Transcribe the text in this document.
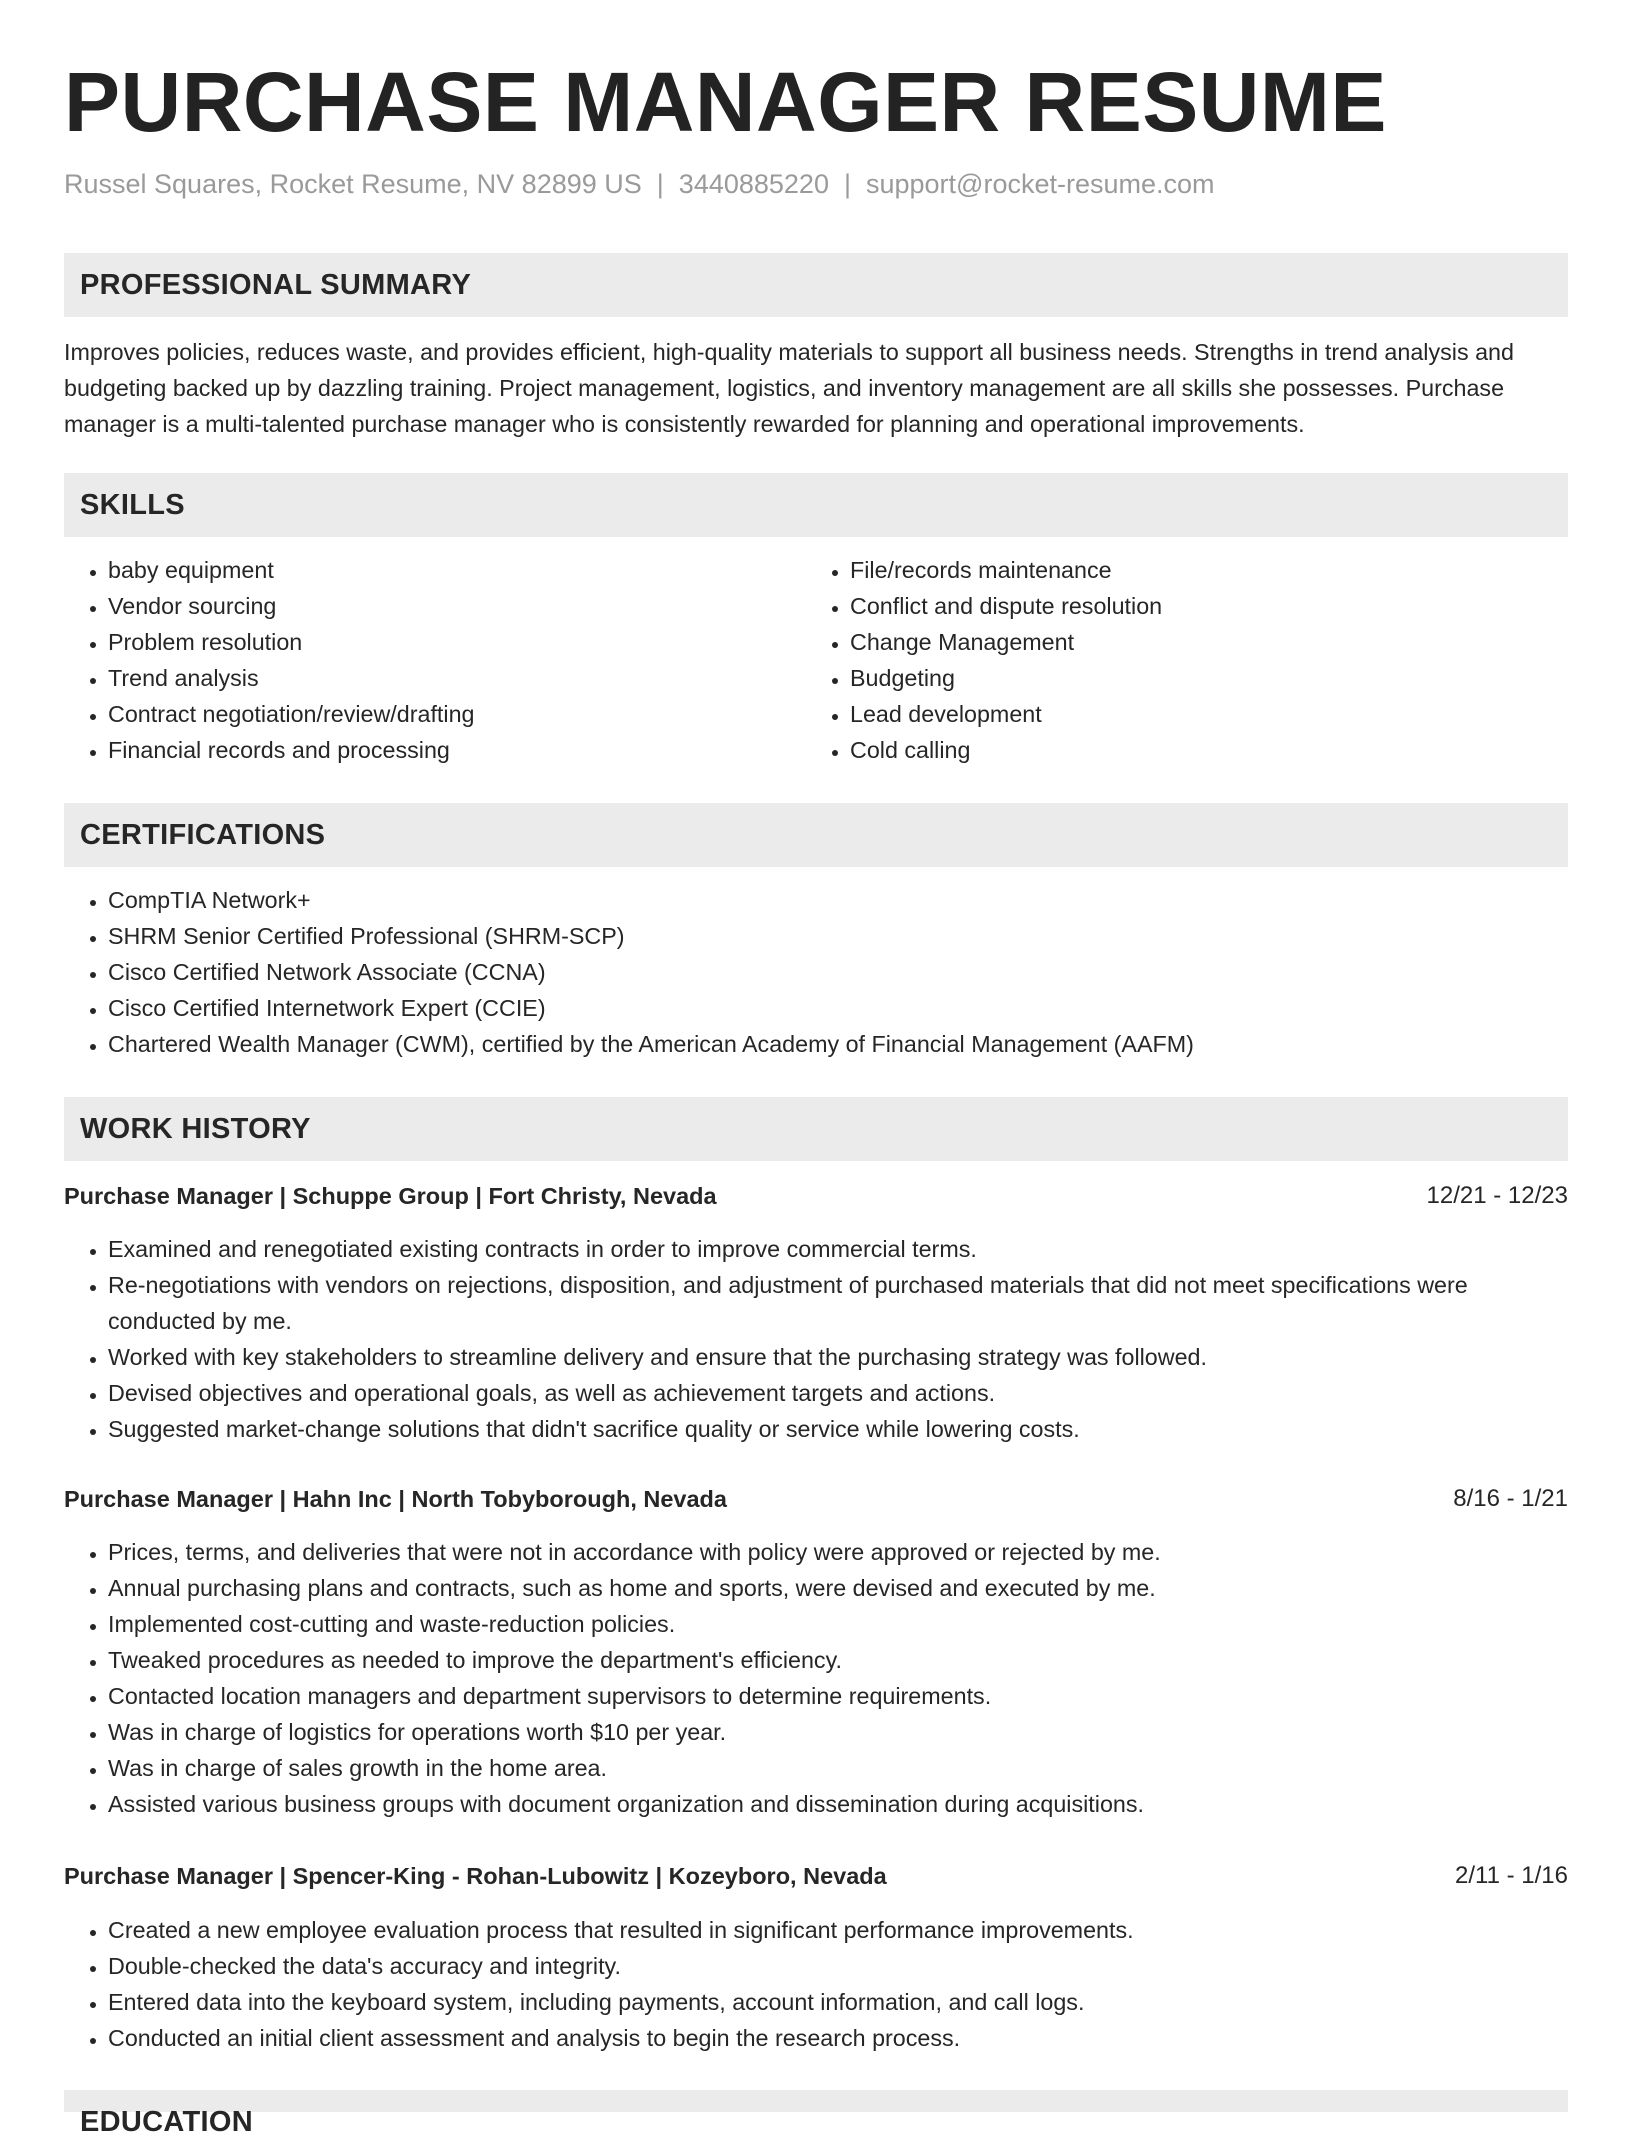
PURCHASE MANAGER RESUME
Russel Squares, Rocket Resume, NV 82899 US | 3440885220 | support@rocket-resume.com
PROFESSIONAL SUMMARY

Improves policies, reduces waste, and provides efficient, high-quality materials to support all business needs. Strengths in trend analysis and budgeting backed up by dazzling training. Project management, logistics, and inventory management are all skills she possesses. Purchase manager is a multi-talented purchase manager who is consistently rewarded for planning and operational improvements.

SKILLS
• baby equipment
• Vendor sourcing
• Problem resolution
• Trend analysis
• Contract negotiation/review/drafting
• Financial records and processing
• File/records maintenance
• Conflict and dispute resolution
• Change Management
• Budgeting
• Lead development
• Cold calling
CERTIFICATIONS
• CompTIA Network+
• SHRM Senior Certified Professional (SHRM-SCP)
• Cisco Certified Network Associate (CCNA)
• Cisco Certified Internetwork Expert (CCIE)
• Chartered Wealth Manager (CWM), certified by the American Academy of Financial Management (AAFM)
WORK HISTORY
Purchase Manager | Schuppe Group | Fort Christy, Nevada	12/21 - 12/23
• Examined and renegotiated existing contracts in order to improve commercial terms.
• Re-negotiations with vendors on rejections, disposition, and adjustment of purchased materials that did not meet specifications were conducted by me.
• Worked with key stakeholders to streamline delivery and ensure that the purchasing strategy was followed.
• Devised objectives and operational goals, as well as achievement targets and actions.
• Suggested market-change solutions that didn't sacrifice quality or service while lowering costs.
Purchase Manager | Hahn Inc | North Tobyborough, Nevada	8/16 - 1/21
• Prices, terms, and deliveries that were not in accordance with policy were approved or rejected by me.
• Annual purchasing plans and contracts, such as home and sports, were devised and executed by me.
• Implemented cost-cutting and waste-reduction policies.
• Tweaked procedures as needed to improve the department's efficiency.
• Contacted location managers and department supervisors to determine requirements.
• Was in charge of logistics for operations worth $10 per year.
• Was in charge of sales growth in the home area.
• Assisted various business groups with document organization and dissemination during acquisitions.
Purchase Manager | Spencer-King - Rohan-Lubowitz | Kozeyboro, Nevada	2/11 - 1/16
• Created a new employee evaluation process that resulted in significant performance improvements.
• Double-checked the data's accuracy and integrity.
• Entered data into the keyboard system, including payments, account information, and call logs.
• Conducted an initial client assessment and analysis to begin the research process.
EDUCATION
